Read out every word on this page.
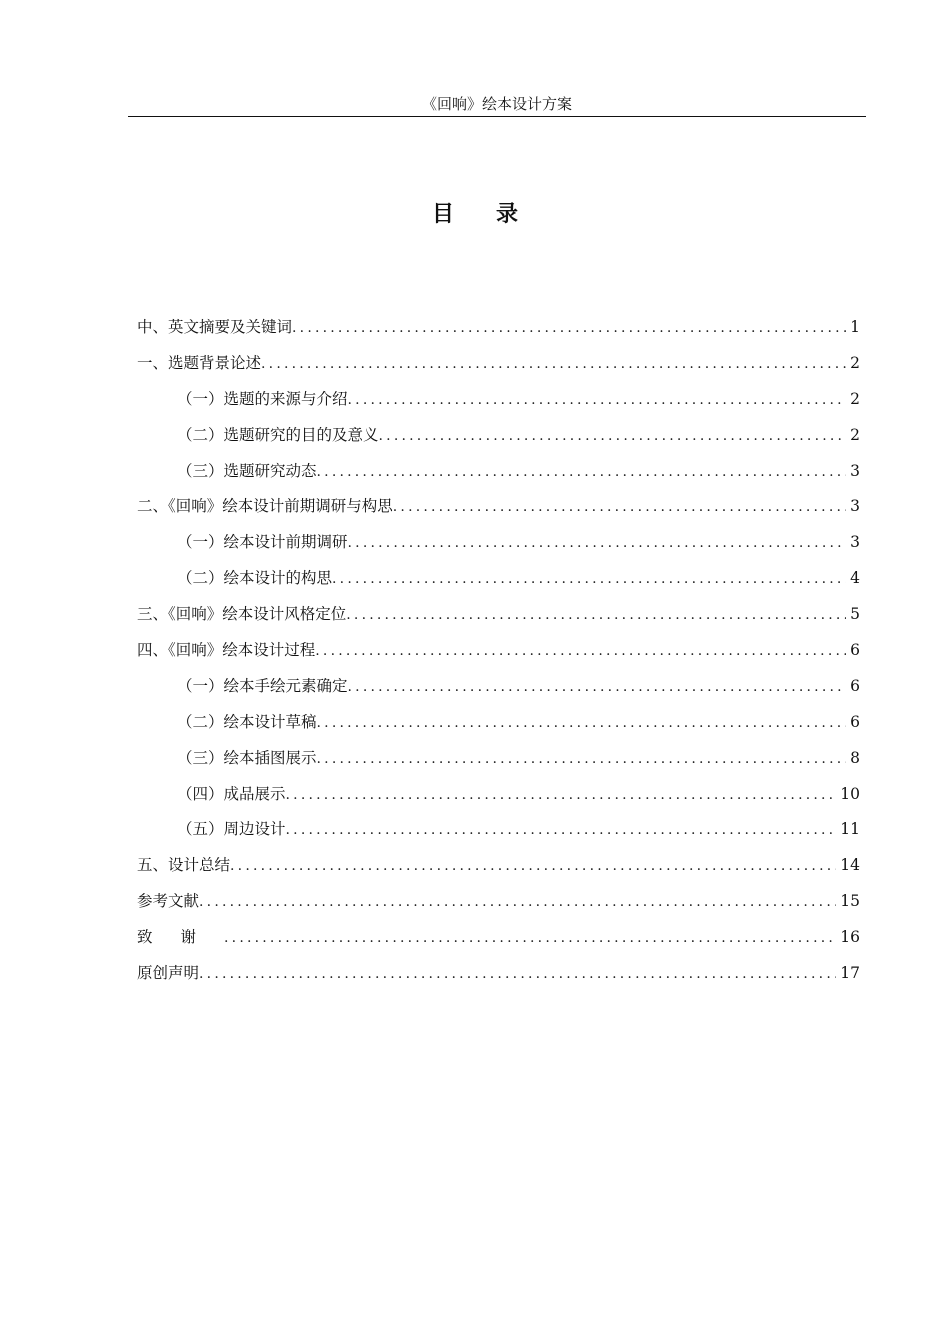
《回响》绘本设计方案
目录
中、英文摘要及关键词 .....	1
一、选题背景论述 .....	2
（一）选题的来源与介绍 .....	2
（二）选题研究的目的及意义 .....	2
（三）选题研究动态 .....	3
二、《回响》绘本设计前期调研与构思 .....	3
（一）绘本设计前期调研 .....	3
（二）绘本设计的构思 .....	4
三、《回响》绘本设计风格定位 .....	5
四、《回响》绘本设计过程 .....	6
（一）绘本手绘元素确定 .....	6
（二）绘本设计草稿 .....	6
（三）绘本插图展示 .....	8
（四）成品展示 .....	10
（五）周边设计 .....	11
五、设计总结 .....	14
参考文献 .....	15
致谢 .....	16
原创声明 .....	17
